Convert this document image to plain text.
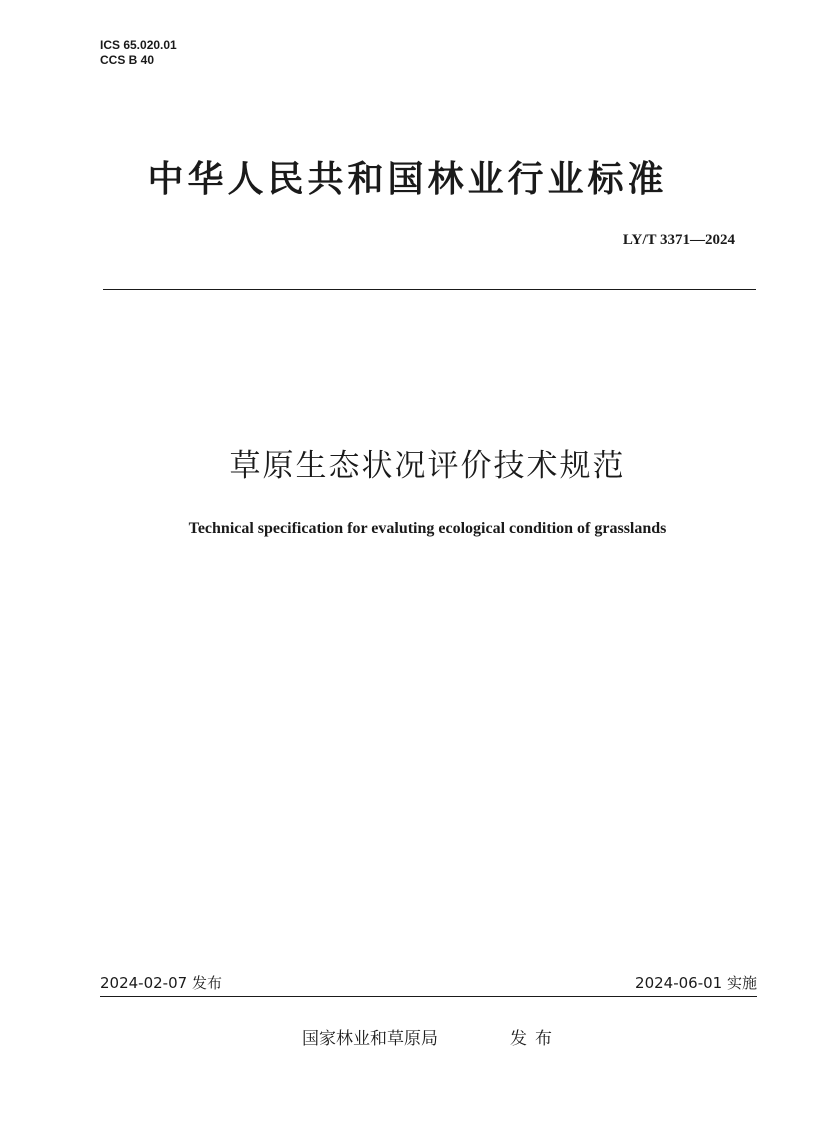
ICS 65.020.01
CCS B 40
中华人民共和国林业行业标准
LY/T 3371—2024
草原生态状况评价技术规范
Technical specification for evaluting ecological condition of grasslands
2024-02-07 发布	2024-06-01 实施
国家林业和草原局	发布
